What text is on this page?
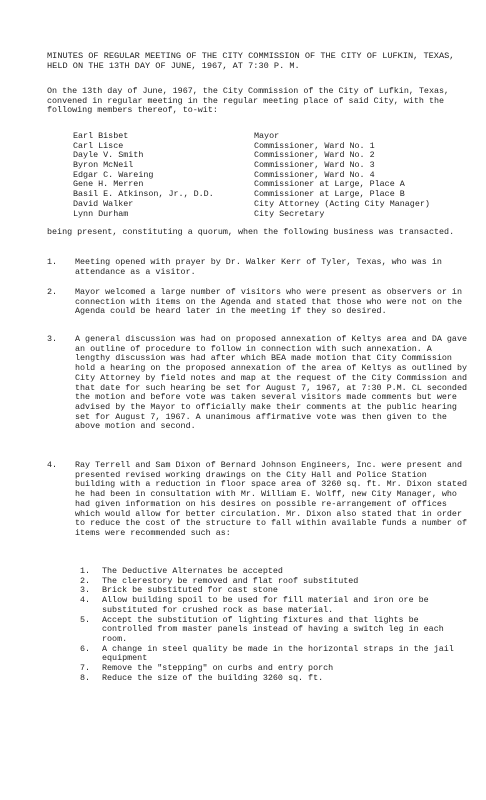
MINUTES OF REGULAR MEETING OF THE CITY COMMISSION OF THE CITY OF LUFKIN, TEXAS, HELD ON THE 13TH DAY OF JUNE, 1967, AT 7:30 P. M.
On the 13th day of June, 1967, the City Commission of the City of Lufkin, Texas, convened in regular meeting in the regular meeting place of said City, with the following members thereof, to-wit:
Earl Bisbet	Mayor
Carl Lisce	Commissioner, Ward No. 1
Dayle V. Smith	Commissioner, Ward No. 2
Byron McNeil	Commissioner, Ward No. 3
Edgar C. Wareing	Commissioner, Ward No. 4
Gene H. Merren	Commissioner at Large, Place A
Basil E. Atkinson, Jr., D.D.	Commissioner at Large, Place B
David Walker	City Attorney (Acting City Manager)
Lynn Durham	City Secretary
being present, constituting a quorum, when the following business was transacted.
1.	Meeting opened with prayer by Dr. Walker Kerr of Tyler, Texas, who was in attendance as a visitor.
2.	Mayor welcomed a large number of visitors who were present as observers or in connection with items on the Agenda and stated that those who were not on the Agenda could be heard later in the meeting if they so desired.
3.	A general discussion was had on proposed annexation of Keltys area and DA gave an outline of procedure to follow in connection with such annexation. A lengthy discussion was had after which BEA made motion that City Commission hold a hearing on the proposed annexation of the area of Keltys as outlined by City Attorney by field notes and map at the request of the City Commission and that date for such hearing be set for August 7, 1967, at 7:30 P.M. CL seconded the motion and before vote was taken several visitors made comments but were advised by the Mayor to officially make their comments at the public hearing set for August 7, 1967. A unanimous affirmative vote was then given to the above motion and second.
4.	Ray Terrell and Sam Dixon of Bernard Johnson Engineers, Inc. were present and presented revised working drawings on the City Hall and Police Station building with a reduction in floor space area of 3260 sq. ft. Mr. Dixon stated he had been in consultation with Mr. William E. Wolff, new City Manager, who had given information on his desires on possible re-arrangement of offices which would allow for better circulation. Mr. Dixon also stated that in order to reduce the cost of the structure to fall within available funds a number of items were recommended such as:
1.	The Deductive Alternates be accepted
2.	The clerestory be removed and flat roof substituted
3.	Brick be substituted for cast stone
4.	Allow building spoil to be used for fill material and iron ore be substituted for crushed rock as base material.
5.	Accept the substitution of lighting fixtures and that lights be controlled from master panels instead of having a switch leg in each room.
6.	A change in steel quality be made in the horizontal straps in the jail equipment
7.	Remove the "stepping" on curbs and entry porch
8.	Reduce the size of the building 3260 sq. ft.
